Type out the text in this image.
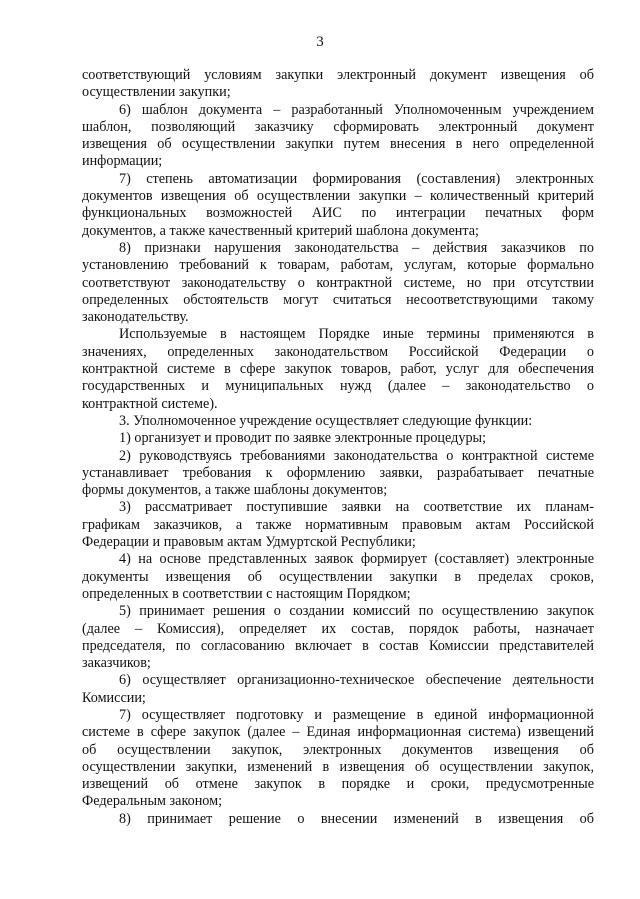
3
соответствующий условиям закупки электронный документ извещения об
осуществлении закупки;
6) шаблон документа – разработанный Уполномоченным учреждением
шаблон, позволяющий заказчику сформировать электронный документ
извещения об осуществлении закупки путем внесения в него определенной
информации;
7) степень автоматизации формирования (составления) электронных
документов извещения об осуществлении закупки – количественный критерий
функциональных возможностей АИС по интеграции печатных форм
документов, а также качественный критерий шаблона документа;
8) признаки нарушения законодательства – действия заказчиков по
установлению требований к товарам, работам, услугам, которые формально
соответствуют законодательству о контрактной системе, но при отсутствии
определенных обстоятельств могут считаться несоответствующими такому
законодательству.
Используемые в настоящем Порядке иные термины применяются в
значениях, определенных законодательством Российской Федерации о
контрактной системе в сфере закупок товаров, работ, услуг для обеспечения
государственных и муниципальных нужд (далее – законодательство о
контрактной системе).
3. Уполномоченное учреждение осуществляет следующие функции:
1) организует и проводит по заявке электронные процедуры;
2) руководствуясь требованиями законодательства о контрактной системе
устанавливает требования к оформлению заявки, разрабатывает печатные
формы документов, а также шаблоны документов;
3) рассматривает поступившие заявки на соответствие их планам-
графикам заказчиков, а также нормативным правовым актам Российской
Федерации и правовым актам Удмуртской Республики;
4) на основе представленных заявок формирует (составляет) электронные
документы извещения об осуществлении закупки в пределах сроков,
определенных в соответствии с настоящим Порядком;
5) принимает решения о создании комиссий по осуществлению закупок
(далее – Комиссия), определяет их состав, порядок работы, назначает
председателя, по согласованию включает в состав Комиссии представителей
заказчиков;
6) осуществляет организационно-техническое обеспечение деятельности
Комиссии;
7) осуществляет подготовку и размещение в единой информационной
системе в сфере закупок (далее – Единая информационная система) извещений
об осуществлении закупок, электронных документов извещения об
осуществлении закупки, изменений в извещения об осуществлении закупок,
извещений об отмене закупок в порядке и сроки, предусмотренные
Федеральным законом;
8) принимает решение о внесении изменений в извещения об
